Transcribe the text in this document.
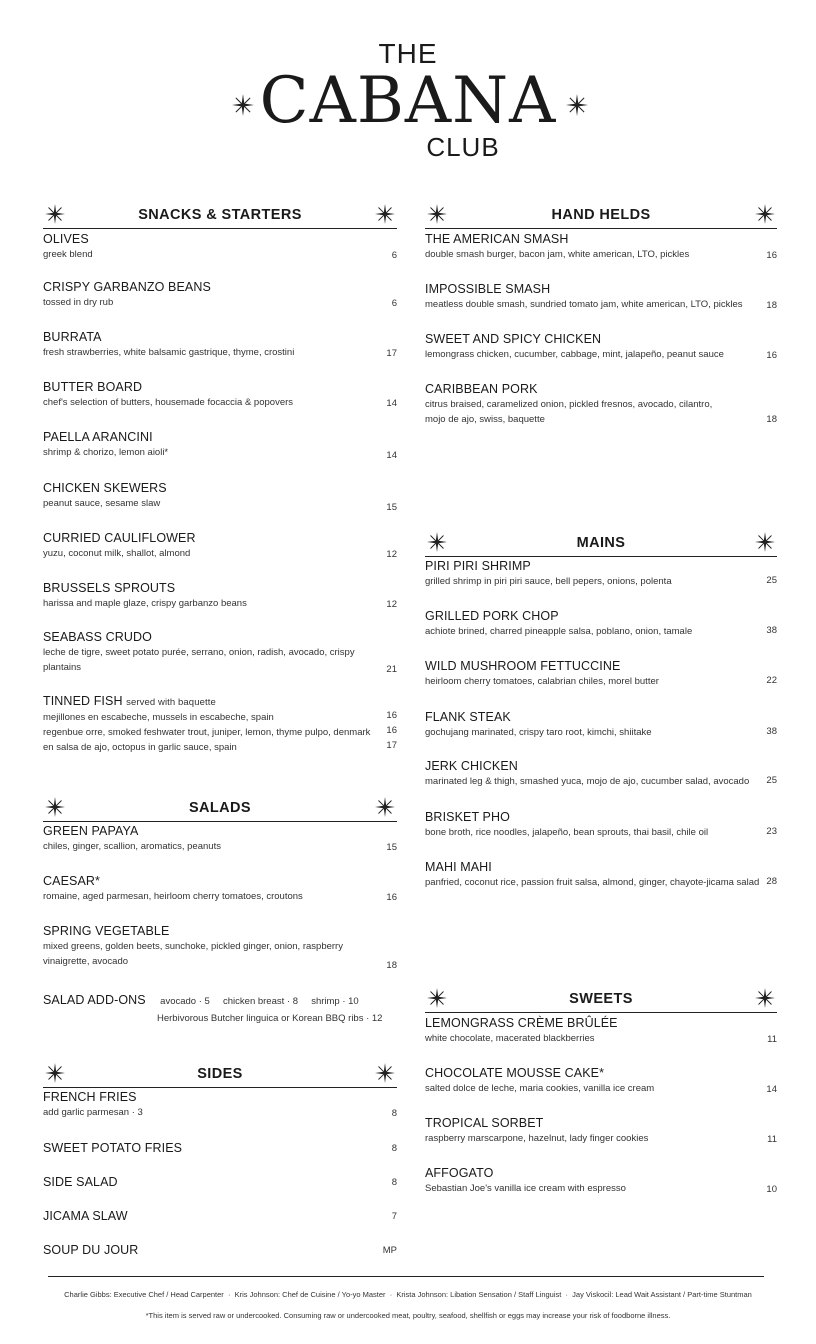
THE
CABANA
CLUB
SNACKS & STARTERS
OLIVES
greek blend	6
CRISPY GARBANZO BEANS
tossed in dry rub	6
BURRATA
fresh strawberries, white balsamic gastrique, thyme, crostini	17
BUTTER BOARD
chef's selection of butters, housemade focaccia & popovers	14
PAELLA ARANCINI
shrimp & chorizo, lemon aioli*	14
CHICKEN SKEWERS
peanut sauce, sesame slaw	15
CURRIED CAULIFLOWER
yuzu, coconut milk, shallot, almond	12
BRUSSELS SPROUTS
harissa and maple glaze, crispy garbanzo beans	12
SEABASS CRUDO
leche de tigre, sweet potato purée, serrano, onion, radish, avocado, crispy
plantains	21
TINNED FISH served with baquette
mejillones en escabeche, mussels in escabeche, spain	16
regenbue orre, smoked feshwater trout, juniper, lemon, thyme pulpo, denmark	16
en salsa de ajo, octopus in garlic sauce, spain	17
SALADS
GREEN PAPAYA
chiles, ginger, scallion, aromatics, peanuts	15
CAESAR*
romaine, aged parmesan, heirloom cherry tomatoes, croutons	16
SPRING VEGETABLE
mixed greens, golden beets, sunchoke, pickled ginger, onion, raspberry
vinaigrette, avocado	18
SALAD ADD-ONS avocado · 5     chicken breast · 8     shrimp · 10
Herbivorous Butcher linguica or Korean BBQ ribs · 12
SIDES
FRENCH FRIES
add garlic parmesan · 3	8
SWEET POTATO FRIES	8
SIDE SALAD	8
JICAMA SLAW	7
SOUP DU JOUR	MP
HAND HELDS
THE AMERICAN SMASH
double smash burger, bacon jam, white american, LTO, pickles	16
IMPOSSIBLE SMASH
meatless double smash, sundried tomato jam, white american, LTO, pickles	18
SWEET AND SPICY CHICKEN
lemongrass chicken, cucumber, cabbage, mint, jalapeño, peanut sauce	16
CARIBBEAN PORK
citrus braised, caramelized onion, pickled fresnos, avocado, cilantro,
mojo de ajo, swiss, baquette	18
MAINS
PIRI PIRI SHRIMP
grilled shrimp in piri piri sauce, bell pepers, onions, polenta	25
GRILLED PORK CHOP
achiote brined, charred pineapple salsa, poblano, onion, tamale	38
WILD MUSHROOM FETTUCCINE
heirloom cherry tomatoes, calabrian chiles, morel butter	22
FLANK STEAK
gochujang marinated, crispy taro root, kimchi, shiitake	38
JERK CHICKEN
marinated leg & thigh, smashed yuca, mojo de ajo, cucumber salad, avocado	25
BRISKET PHO
bone broth, rice noodles, jalapeño, bean sprouts, thai basil, chile oil	23
MAHI MAHI
panfried, coconut rice, passion fruit salsa, almond, ginger, chayote-jicama salad 28
SWEETS
LEMONGRASS CRÈME BRÛLÉE
white chocolate, macerated blackberries	11
CHOCOLATE MOUSSE CAKE*
salted dolce de leche, maria cookies, vanilla ice cream	14
TROPICAL SORBET
raspberry marscarpone, hazelnut, lady finger cookies	11
AFFOGATO
Sebastian Joe's vanilla ice cream with espresso	10
Charlie Gibbs: Executive Chef / Head Carpenter  ·  Kris Johnson: Chef de Cuisine / Yo-yo Master  ·  Krista Johnson: Libation Sensation / Staff Linguist  ·  Jay Viskocil: Lead Wait Assistant / Part-time Stuntman
*This item is served raw or undercooked. Consuming raw or undercooked meat, poultry, seafood, shellfish or eggs may increase your risk of foodborne illness.
